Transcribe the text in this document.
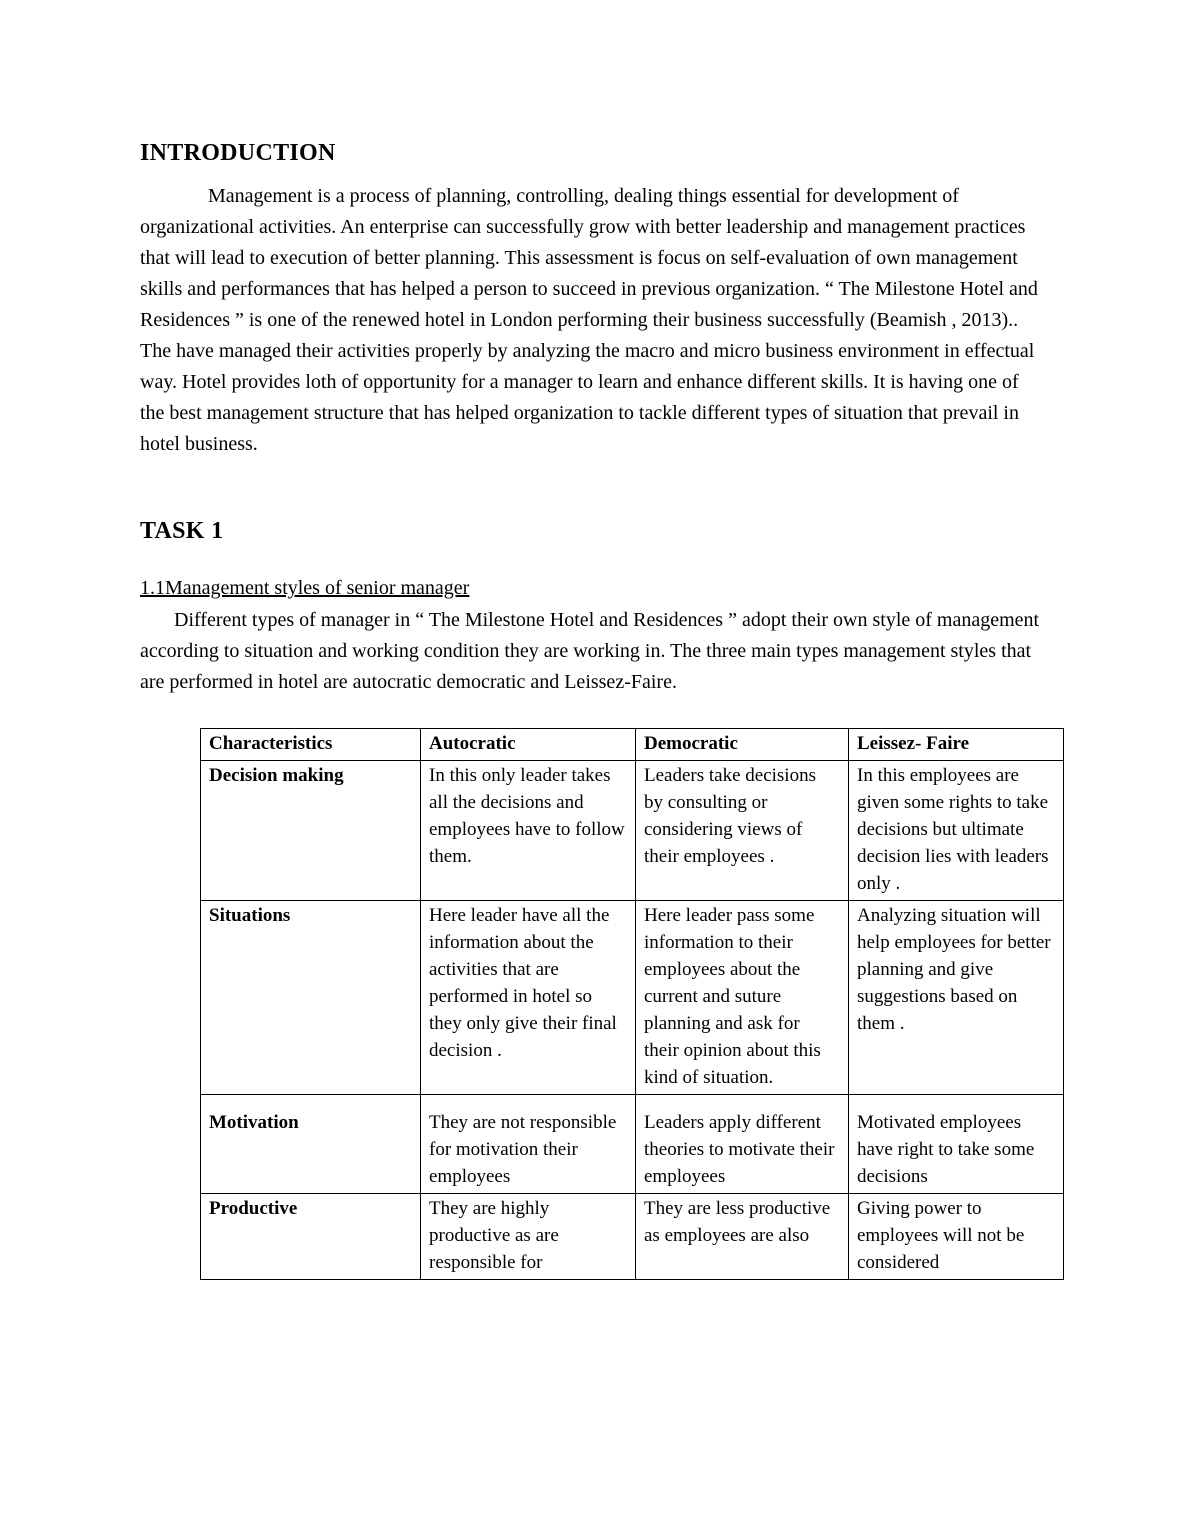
INTRODUCTION

Management is a process of planning, controlling, dealing things essential for development of organizational activities. An enterprise can successfully grow with better leadership and management practices that will lead to execution of better planning. This assessment is focus on self-evaluation of own management skills and performances that has helped a person to succeed in previous organization. “ The Milestone Hotel and Residences ” is one of the renewed hotel in London performing their business successfully (Beamish , 2013).. The have managed their activities properly by analyzing the macro and micro business environment in effectual way. Hotel provides loth of opportunity for a manager to learn and enhance different skills. It is having one of the best management structure that has helped organization to tackle different types of situation that prevail in hotel business.

TASK 1
1.1Management styles of senior manager

Different types of manager in “ The Milestone Hotel and Residences ” adopt their own style of management according to situation and working condition they are working in. The three main types management styles that are performed in hotel are autocratic democratic and Leissez-Faire.

Characteristics	Autocratic	Democratic	Leissez- Faire
Decision making	In this only leader takes all the decisions and employees have to follow them.	Leaders take decisions by consulting or considering views of their employees .	In this employees are given some rights to take decisions but ultimate decision lies with leaders only .
Situations	Here leader have all the information about the activities that are performed in hotel so they only give their final decision .	Here leader pass some information to their employees about the current and suture planning and ask for their opinion about this kind of situation.	Analyzing situation will help employees for better planning and give suggestions based on them .
Motivation	They are not responsible for motivation their employees	Leaders apply different theories to motivate their employees	Motivated employees have right to take some decisions
Productive	They are highly productive as are responsible for	They are less productive as employees are also	Giving power to employees will not be considered
